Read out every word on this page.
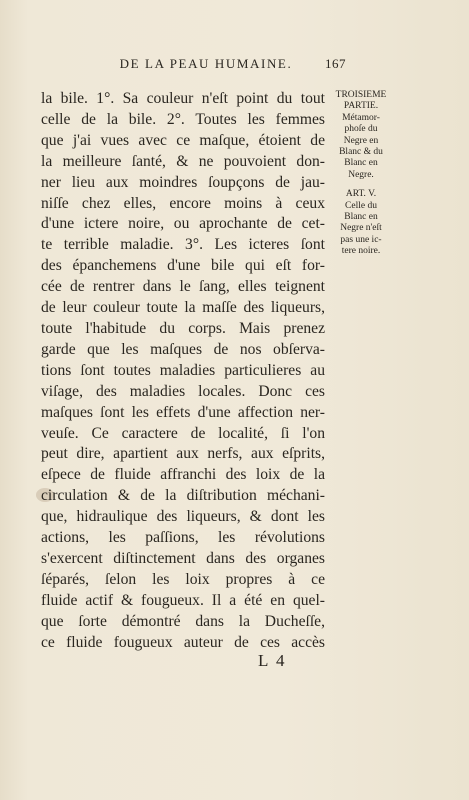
DE LA PEAU HUMAINE.	167
la bile. 1°. Sa couleur n'eſt point du tout
celle de la bile. 2°. Toutes les femmes
que j'ai vues avec ce maſque, étoient de
la meilleure ſanté, & ne pouvoient don-
ner lieu aux moindres ſoupçons de jau-
niſſe chez elles, encore moins à ceux
d'une ictere noire, ou aprochante de cet-
te terrible maladie. 3°. Les icteres ſont
des épanchemens d'une bile qui eſt for-
cée de rentrer dans le ſang, elles teignent
de leur couleur toute la maſſe des liqueurs,
toute l'habitude du corps. Mais prenez
garde que les maſques de nos obſerva-
tions ſont toutes maladies particulieres au
viſage, des maladies locales. Donc ces
maſques ſont les effets d'une affection ner-
veuſe. Ce caractere de localité, ſi l'on
peut dire, apartient aux nerfs, aux eſprits,
eſpece de fluide affranchi des loix de la
circulation & de la diſtribution méchani-
que, hidraulique des liqueurs, & dont les
actions, les paſſions, les révolutions
s'exercent diſtinctement dans des organes
ſéparés, ſelon les loix propres à ce
fluide actif & fougueux. Il a été en quel-
que ſorte démontré dans la Ducheſſe,
ce fluide fougueux auteur de ces accès
TROISIEME
PARTIE.
Métamor-
phoſe du
Negre en
Blanc & du
Blanc en
Negre.
ART. V.
Celle du
Blanc en
Negre n'eſt
pas une ic-
tere noire.
L 4
